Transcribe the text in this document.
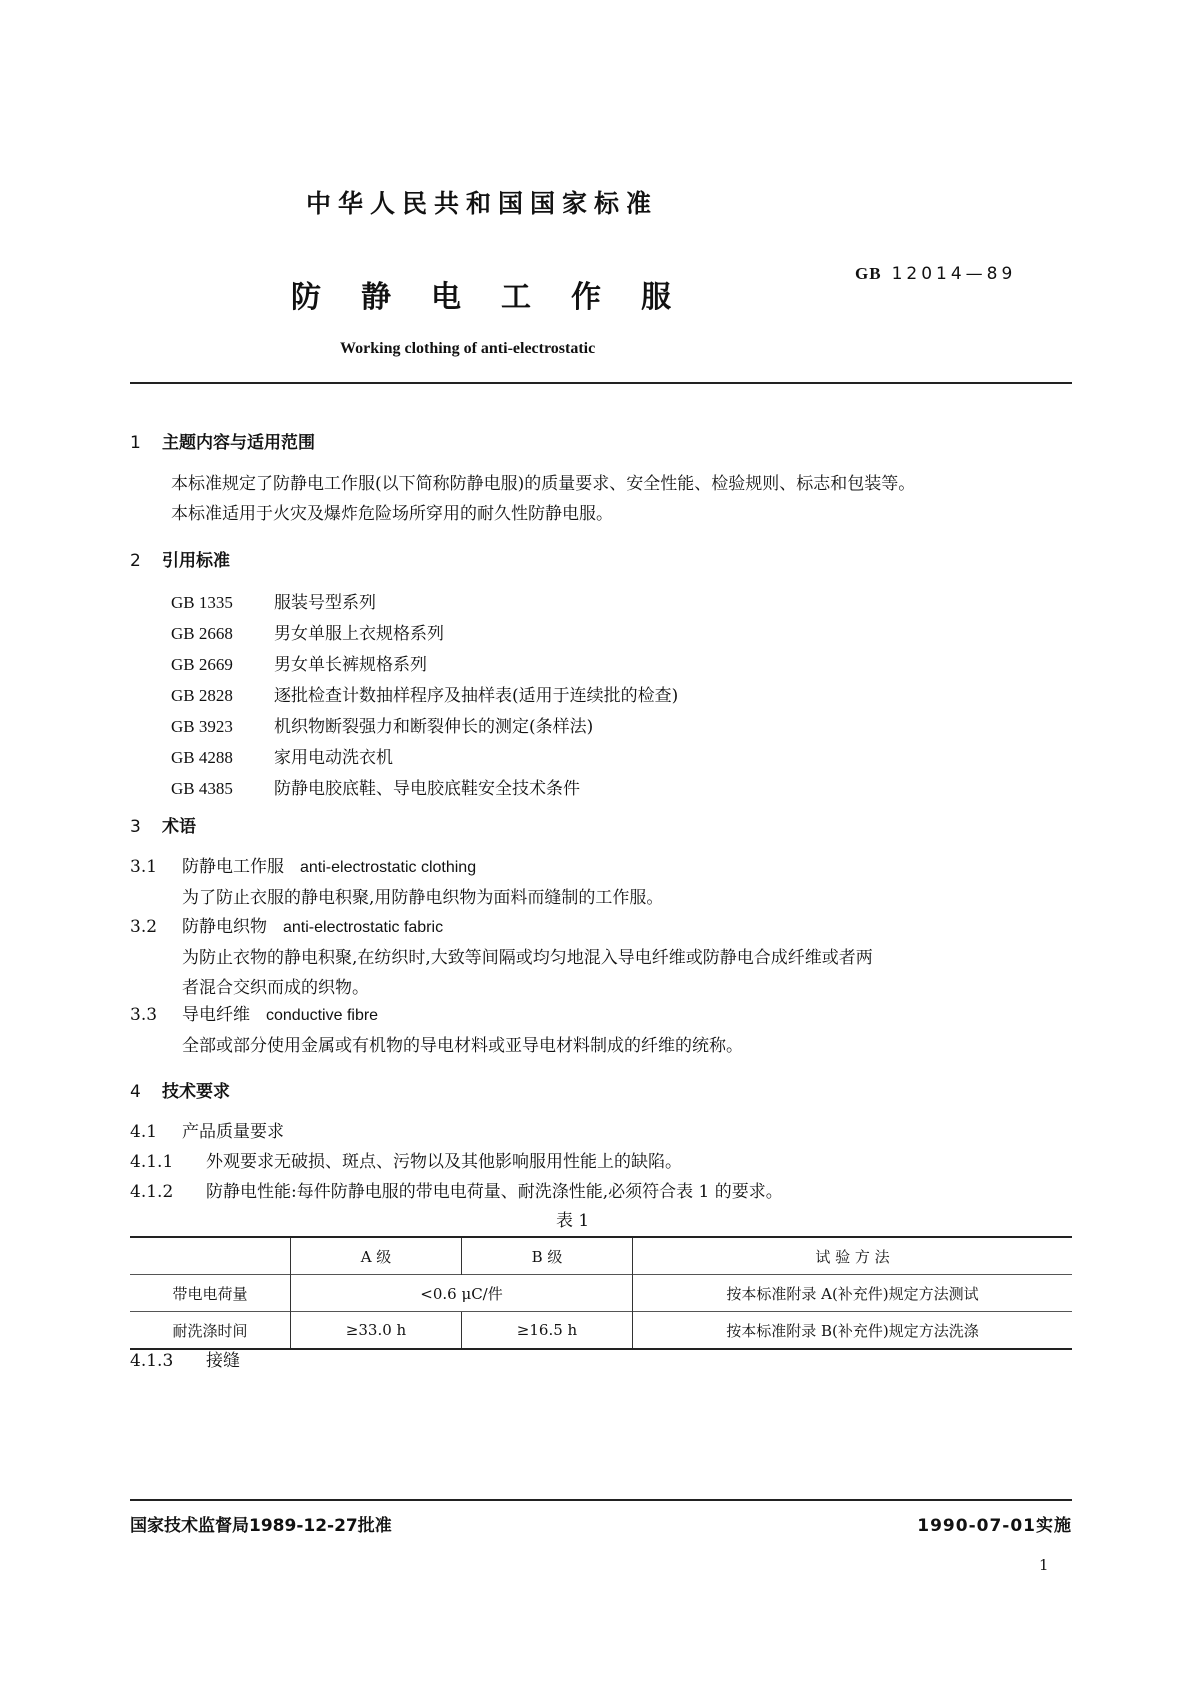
中华人民共和国国家标准
防静电工作服
GB 12014—89
Working clothing of anti-electrostatic
1 主题内容与适用范围
本标准规定了防静电工作服(以下简称防静电服)的质量要求、安全性能、检验规则、标志和包装等。
本标准适用于火灾及爆炸危险场所穿用的耐久性防静电服。
2 引用标准
GB 1335 服装号型系列
GB 2668 男女单服上衣规格系列
GB 2669 男女单长裤规格系列
GB 2828 逐批检查计数抽样程序及抽样表(适用于连续批的检查)
GB 3923 机织物断裂强力和断裂伸长的测定(条样法)
GB 4288 家用电动洗衣机
GB 4385 防静电胶底鞋、导电胶底鞋安全技术条件
3 术语
3.1 防静电工作服 anti-electrostatic clothing
为了防止衣服的静电积聚,用防静电织物为面料而缝制的工作服。
3.2 防静电织物 anti-electrostatic fabric
为防止衣物的静电积聚,在纺织时,大致等间隔或均匀地混入导电纤维或防静电合成纤维或者两
者混合交织而成的织物。
3.3 导电纤维 conductive fibre
全部或部分使用金属或有机物的导电材料或亚导电材料制成的纤维的统称。
4 技术要求
4.1 产品质量要求
4.1.1 外观要求无破损、斑点、污物以及其他影响服用性能上的缺陷。
4.1.2 防静电性能:每件防静电服的带电电荷量、耐洗涤性能,必须符合表 1 的要求。
表 1
	A 级	B 级	试 验 方 法
带电电荷量	<0.6 μC/件		按本标准附录 A(补充件)规定方法测试
耐洗涤时间	≥33.0 h	≥16.5 h	按本标准附录 B(补充件)规定方法洗涤
4.1.3 接缝
国家技术监督局1989-12-27批准	1990-07-01实施
1
